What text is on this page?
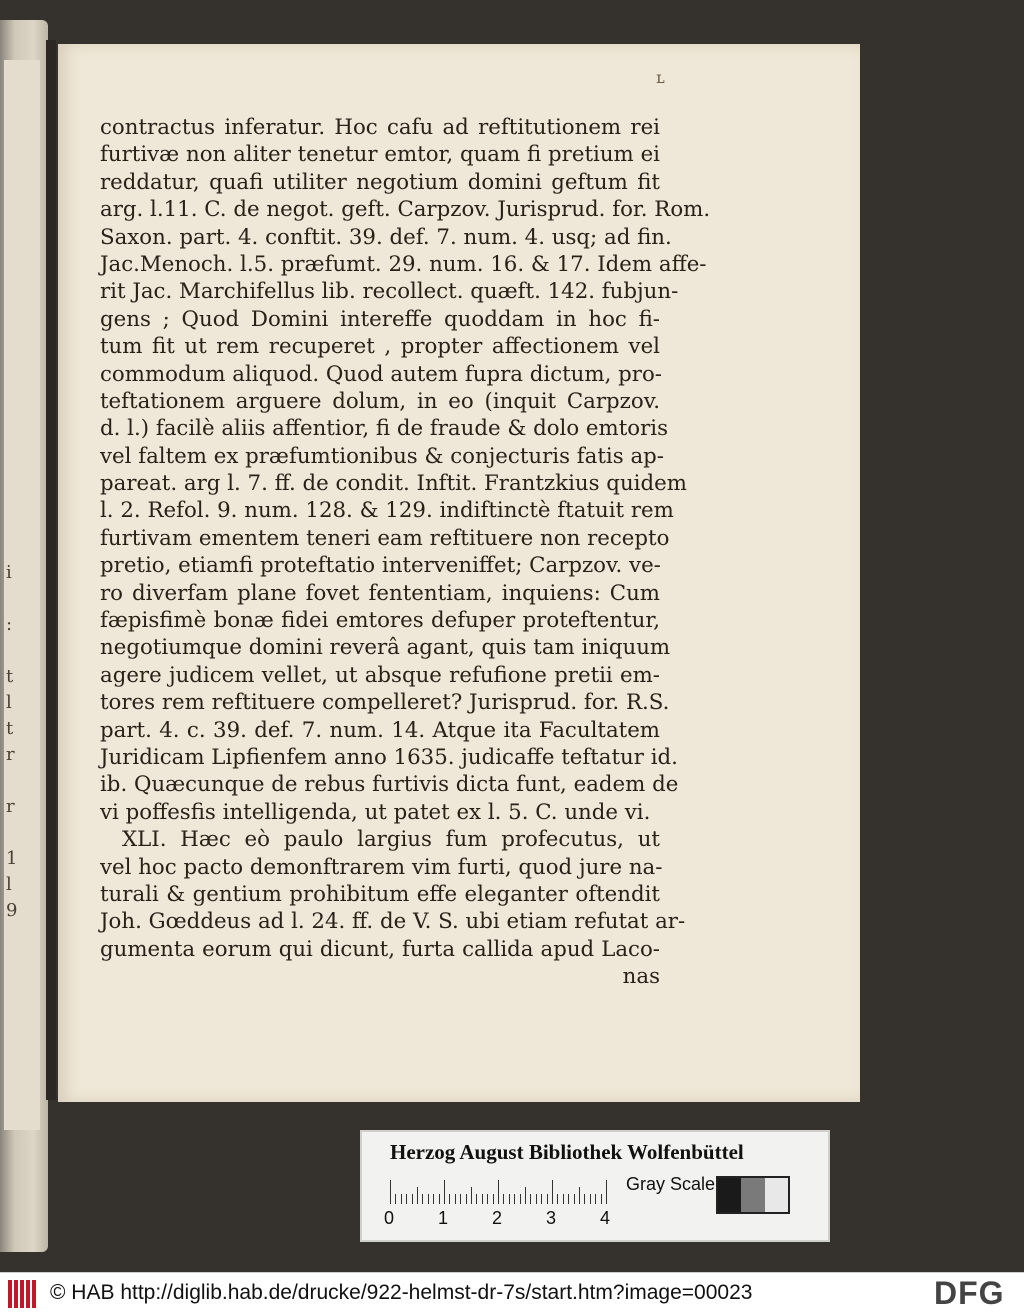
i

:

t
l
t
r

r

1
l
9
ʟ
contractus inferatur. Hoc cafu ad reftitutionem rei
furtivæ non aliter tenetur emtor, quam fi pretium ei
reddatur, quafi utiliter negotium domini geftum fit
arg. l.11. C. de negot. geft. Carpzov. Jurisprud. for. Rom.
Saxon. part. 4. conftit. 39. def. 7. num. 4. usq; ad fin.
Jac.Menoch. l.5. præfumt. 29. num. 16. & 17. Idem affe-
rit Jac. Marchifellus lib. recollect. quæft. 142. fubjun-
gens ; Quod Domini intereffe quoddam in hoc fi-
tum fit ut rem recuperet , propter affectionem vel
commodum aliquod. Quod autem fupra dictum, pro-
teftationem arguere dolum, in eo (inquit Carpzov.
d. l.) facilè aliis affentior, fi de fraude & dolo emtoris
vel faltem ex præfumtionibus & conjecturis fatis ap-
pareat. arg l. 7. ff. de condit. Inftit. Frantzkius quidem
l. 2. Refol. 9. num. 128. & 129. indiftinctè ftatuit rem
furtivam ementem teneri eam reftituere non recepto
pretio, etiamfi proteftatio interveniffet; Carpzov. ve-
ro diverfam plane fovet fententiam, inquiens: Cum
fæpisfimè bonæ fidei emtores defuper proteftentur,
negotiumque domini reverâ agant, quis tam iniquum
agere judicem vellet, ut absque refufione pretii em-
tores rem reftituere compelleret? Jurisprud. for. R.S.
part. 4. c. 39. def. 7. num. 14. Atque ita Facultatem
Juridicam Lipfienfem anno 1635. judicaffe teftatur id.
ib. Quæcunque de rebus furtivis dicta funt, eadem de
vi poffesfis intelligenda, ut patet ex l. 5. C. unde vi.
XLI. Hæc eò paulo largius fum profecutus, ut
vel hoc pacto demonftrarem vim furti, quod jure na-
turali & gentium prohibitum effe eleganter oftendit
Joh. Gœddeus ad l. 24. ff. de V. S. ubi etiam refutat ar-
gumenta eorum qui dicunt, furta callida apud Laco-
nas
Herzog August Bibliothek Wolfenbüttel
0 1 2 3 4
Gray Scale
© HAB http://diglib.hab.de/drucke/922-helmst-dr-7s/start.htm?image=00023	DFG
